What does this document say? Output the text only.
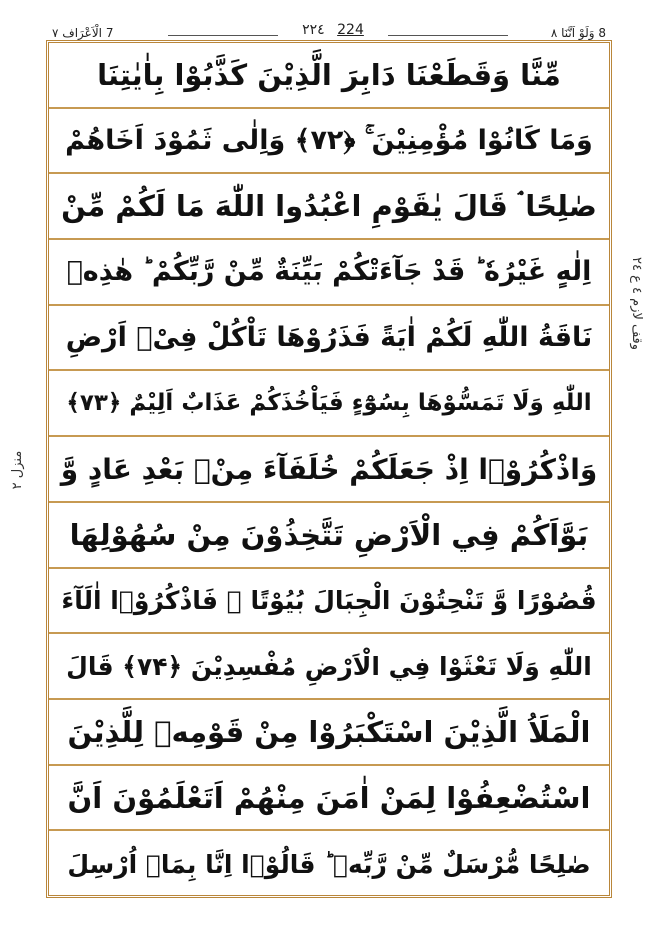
7 الْاَعْرَاف ٧	٢٢٤ 224	8 وَلَوْ اَنَّنَا ٨
وقف لازم ٤ ع ٢٤
منزل ٢
مِّنَّا وَقَطَعْنَا دَابِرَ الَّذِيْنَ كَذَّبُوْا بِاٰيٰتِنَا
وَمَا كَانُوْا مُؤْمِنِيْنَ ۚ ﴿۷۲﴾ وَاِلٰى ثَمُوْدَ اَخَاهُمْ
صٰلِحًا ۘ قَالَ يٰقَوْمِ اعْبُدُوا اللّٰهَ مَا لَكُمْ مِّنْ
اِلٰهٍ غَيْرُهٗ ؕ قَدْ جَآءَتْكُمْ بَيِّنَةٌ مِّنْ رَّبِّكُمْ ؕ هٰذِهٖ
نَاقَةُ اللّٰهِ لَكُمْ اٰيَةً فَذَرُوْهَا تَاْكُلْ فِیْۤ اَرْضِ
اللّٰهِ وَلَا تَمَسُّوْهَا بِسُوْٓءٍ فَيَاْخُذَكُمْ عَذَابٌ اَلِيْمٌ ﴿۷۳﴾
وَاذْكُرُوْۤا اِذْ جَعَلَكُمْ خُلَفَآءَ مِنْۢ بَعْدِ عَادٍ وَّ
بَوَّاَكُمْ فِي الْاَرْضِ تَتَّخِذُوْنَ مِنْ سُهُوْلِهَا
قُصُوْرًا وَّ تَنْحِتُوْنَ الْجِبَالَ بُيُوْتًا ۚ فَاذْكُرُوْۤا اٰلَآءَ
اللّٰهِ وَلَا تَعْثَوْا فِي الْاَرْضِ مُفْسِدِيْنَ ﴿۷۴﴾ قَالَ
الْمَلَاُ الَّذِيْنَ اسْتَكْبَرُوْا مِنْ قَوْمِهٖ لِلَّذِيْنَ
اسْتُضْعِفُوْا لِمَنْ اٰمَنَ مِنْهُمْ اَتَعْلَمُوْنَ اَنَّ
صٰلِحًا مُّرْسَلٌ مِّنْ رَّبِّهٖ ؕ قَالُوْۤا اِنَّا بِمَاۤ اُرْسِلَ
